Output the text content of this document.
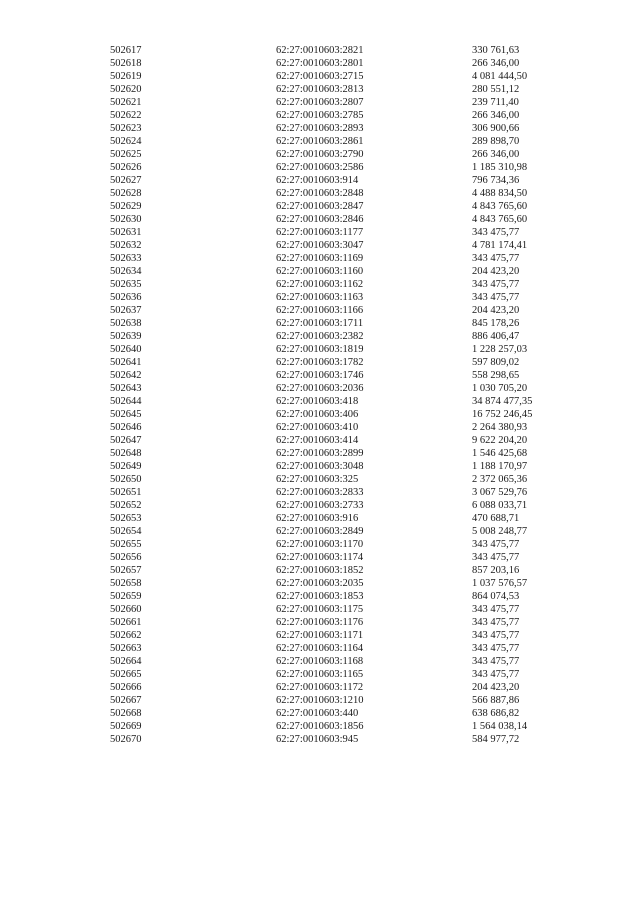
502617	62:27:0010603:2821	330 761,63
502618	62:27:0010603:2801	266 346,00
502619	62:27:0010603:2715	4 081 444,50
502620	62:27:0010603:2813	280 551,12
502621	62:27:0010603:2807	239 711,40
502622	62:27:0010603:2785	266 346,00
502623	62:27:0010603:2893	306 900,66
502624	62:27:0010603:2861	289 898,70
502625	62:27:0010603:2790	266 346,00
502626	62:27:0010603:2586	1 185 310,98
502627	62:27:0010603:914	796 734,36
502628	62:27:0010603:2848	4 488 834,50
502629	62:27:0010603:2847	4 843 765,60
502630	62:27:0010603:2846	4 843 765,60
502631	62:27:0010603:1177	343 475,77
502632	62:27:0010603:3047	4 781 174,41
502633	62:27:0010603:1169	343 475,77
502634	62:27:0010603:1160	204 423,20
502635	62:27:0010603:1162	343 475,77
502636	62:27:0010603:1163	343 475,77
502637	62:27:0010603:1166	204 423,20
502638	62:27:0010603:1711	845 178,26
502639	62:27:0010603:2382	886 406,47
502640	62:27:0010603:1819	1 228 257,03
502641	62:27:0010603:1782	597 809,02
502642	62:27:0010603:1746	558 298,65
502643	62:27:0010603:2036	1 030 705,20
502644	62:27:0010603:418	34 874 477,35
502645	62:27:0010603:406	16 752 246,45
502646	62:27:0010603:410	2 264 380,93
502647	62:27:0010603:414	9 622 204,20
502648	62:27:0010603:2899	1 546 425,68
502649	62:27:0010603:3048	1 188 170,97
502650	62:27:0010603:325	2 372 065,36
502651	62:27:0010603:2833	3 067 529,76
502652	62:27:0010603:2733	6 088 033,71
502653	62:27:0010603:916	470 688,71
502654	62:27:0010603:2849	5 008 248,77
502655	62:27:0010603:1170	343 475,77
502656	62:27:0010603:1174	343 475,77
502657	62:27:0010603:1852	857 203,16
502658	62:27:0010603:2035	1 037 576,57
502659	62:27:0010603:1853	864 074,53
502660	62:27:0010603:1175	343 475,77
502661	62:27:0010603:1176	343 475,77
502662	62:27:0010603:1171	343 475,77
502663	62:27:0010603:1164	343 475,77
502664	62:27:0010603:1168	343 475,77
502665	62:27:0010603:1165	343 475,77
502666	62:27:0010603:1172	204 423,20
502667	62:27:0010603:1210	566 887,86
502668	62:27:0010603:440	638 686,82
502669	62:27:0010603:1856	1 564 038,14
502670	62:27:0010603:945	584 977,72
